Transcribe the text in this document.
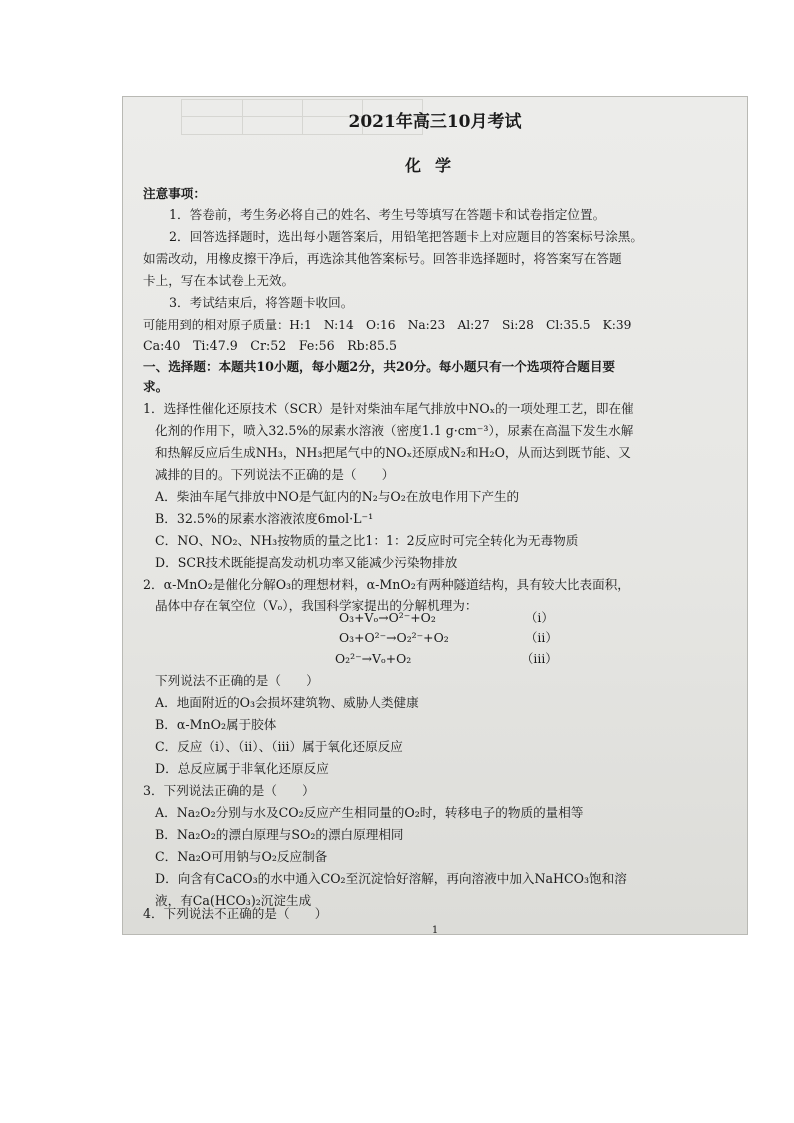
2021年高三10月考试
化学
注意事项：
1．答卷前，考生务必将自己的姓名、考生号等填写在答题卡和试卷指定位置。
2．回答选择题时，选出每小题答案后，用铅笔把答题卡上对应题目的答案标号涂黑。
如需改动，用橡皮擦干净后，再选涂其他答案标号。回答非选择题时，将答案写在答题
卡上，写在本试卷上无效。
3．考试结束后，将答题卡收回。
可能用到的相对原子质量：H:1　N:14　O:16　Na:23　Al:27　Si:28　Cl:35.5　K:39
Ca:40　Ti:47.9　Cr:52　Fe:56　Rb:85.5
一、选择题：本题共10小题，每小题2分，共20分。每小题只有一个选项符合题目要
求。
1．选择性催化还原技术（SCR）是针对柴油车尾气排放中NOₓ的一项处理工艺，即在催
化剂的作用下，喷入32.5%的尿素水溶液（密度1.1 g·cm⁻³），尿素在高温下发生水解
和热解反应后生成NH₃，NH₃把尾气中的NOₓ还原成N₂和H₂O，从而达到既节能、又
减排的目的。下列说法不正确的是（　　）
A．柴油车尾气排放中NO是气缸内的N₂与O₂在放电作用下产生的
B．32.5%的尿素水溶液浓度6mol·L⁻¹
C．NO、NO₂、NH₃按物质的量之比1：1：2反应时可完全转化为无毒物质
D．SCR技术既能提高发动机功率又能减少污染物排放
2．α-MnO₂是催化分解O₃的理想材料，α-MnO₂有两种隧道结构，具有较大比表面积，
晶体中存在氧空位（Vₒ），我国科学家提出的分解机理为：
O₃+Vₒ→O²⁻+O₂	（i）
O₃+O²⁻→O₂²⁻+O₂	（ii）
O₂²⁻→Vₒ+O₂	（iii）
下列说法不正确的是（　　）
A．地面附近的O₃会损坏建筑物、威胁人类健康
B．α-MnO₂属于胶体
C．反应（i）、（ii）、（iii）属于氧化还原反应
D．总反应属于非氧化还原反应
3．下列说法正确的是（　　）
A．Na₂O₂分别与水及CO₂反应产生相同量的O₂时，转移电子的物质的量相等
B．Na₂O₂的漂白原理与SO₂的漂白原理相同
C．Na₂O可用钠与O₂反应制备
D．向含有CaCO₃的水中通入CO₂至沉淀恰好溶解，再向溶液中加入NaHCO₃饱和溶
液，有Ca(HCO₃)₂沉淀生成
4．下列说法不正确的是（　　）
1
